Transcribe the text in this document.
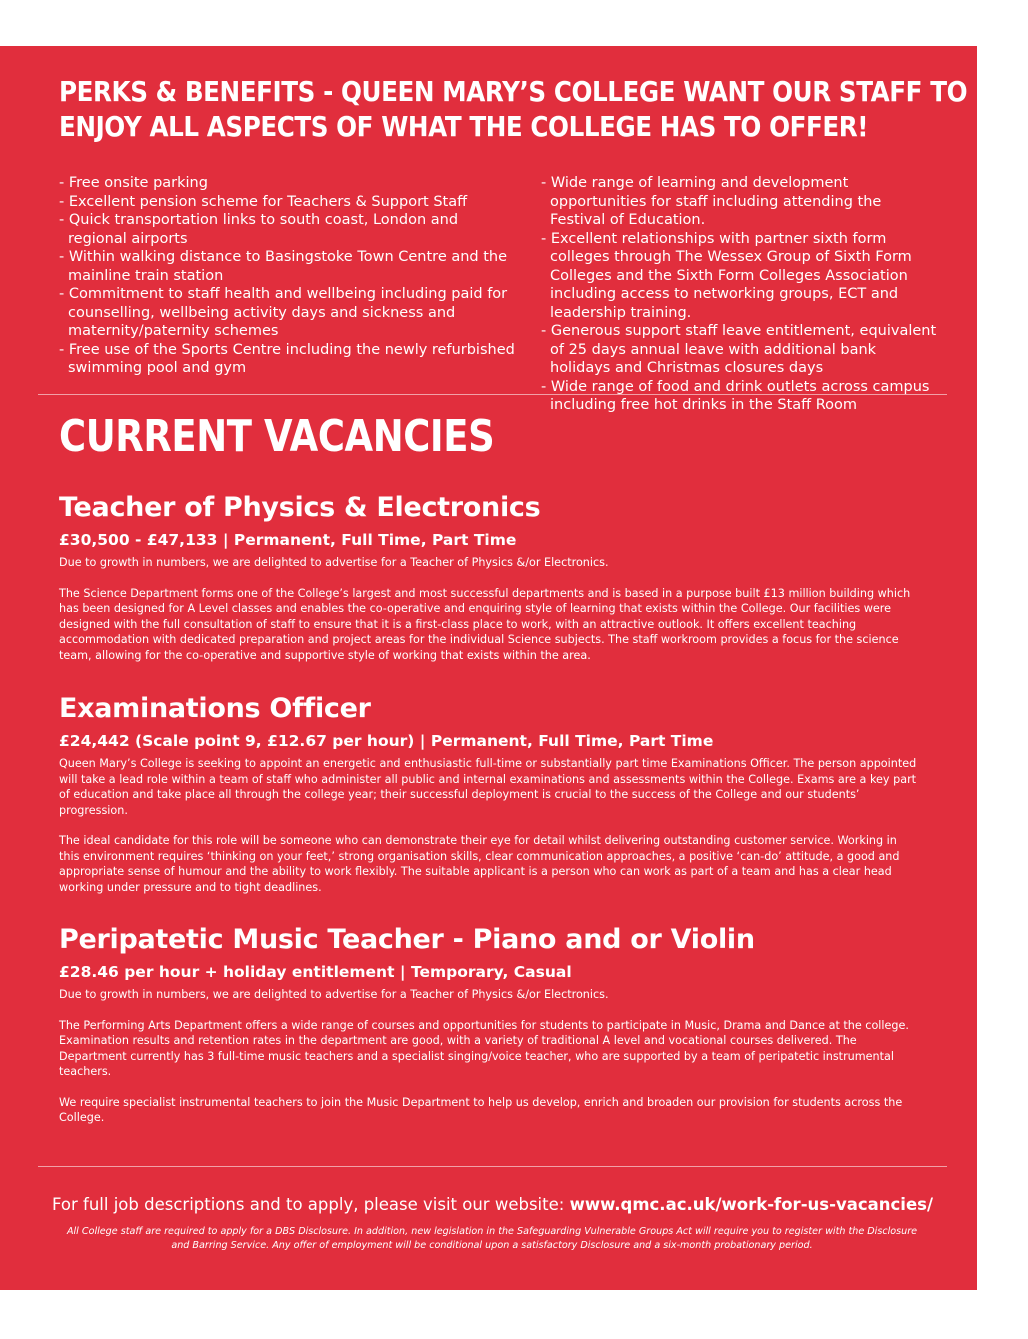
PERKS & BENEFITS - QUEEN MARY’S COLLEGE WANT OUR STAFF TO
ENJOY ALL ASPECTS OF WHAT THE COLLEGE HAS TO OFFER!
- Free onsite parking
- Excellent pension scheme for Teachers & Support Staff
- Quick transportation links to south coast, London and regional airports
- Within walking distance to Basingstoke Town Centre and the mainline train station
- Commitment to staff health and wellbeing including paid for counselling, wellbeing activity days and sickness and maternity/paternity schemes
- Free use of the Sports Centre including the newly refurbished swimming pool and gym
- Wide range of learning and development opportunities for staff including attending the Festival of Education.
- Excellent relationships with partner sixth form colleges through The Wessex Group of Sixth Form Colleges and the Sixth Form Colleges Association including access to networking groups, ECT and leadership training.
- Generous support staff leave entitlement, equivalent of 25 days annual leave with additional bank holidays and Christmas closures days
- Wide range of food and drink outlets across campus including free hot drinks in the Staff Room
CURRENT VACANCIES
Teacher of Physics & Electronics
£30,500 - £47,133 | Permanent, Full Time, Part Time

Due to growth in numbers, we are delighted to advertise for a Teacher of Physics &/or Electronics.

The Science Department forms one of the College’s largest and most successful departments and is based in a purpose built £13 million building which has been designed for A Level classes and enables the co-operative and enquiring style of learning that exists within the College. Our facilities were designed with the full consultation of staff to ensure that it is a first-class place to work, with an attractive outlook. It offers excellent teaching accommodation with dedicated preparation and project areas for the individual Science subjects. The staff workroom provides a focus for the science team, allowing for the co-operative and supportive style of working that exists within the area.

Examinations Officer
£24,442 (Scale point 9, £12.67 per hour) | Permanent, Full Time, Part Time

Queen Mary’s College is seeking to appoint an energetic and enthusiastic full-time or substantially part time Examinations Officer. The person appointed will take a lead role within a team of staff who administer all public and internal examinations and assessments within the College. Exams are a key part of education and take place all through the college year; their successful deployment is crucial to the success of the College and our students’ progression.

The ideal candidate for this role will be someone who can demonstrate their eye for detail whilst delivering outstanding customer service. Working in this environment requires ‘thinking on your feet,’ strong organisation skills, clear communication approaches, a positive ‘can-do’ attitude, a good and appropriate sense of humour and the ability to work flexibly. The suitable applicant is a person who can work as part of a team and has a clear head working under pressure and to tight deadlines.

Peripatetic Music Teacher - Piano and or Violin
£28.46 per hour + holiday entitlement | Temporary, Casual

Due to growth in numbers, we are delighted to advertise for a Teacher of Physics &/or Electronics.

The Performing Arts Department offers a wide range of courses and opportunities for students to participate in Music, Drama and Dance at the college. Examination results and retention rates in the department are good, with a variety of traditional A level and vocational courses delivered. The Department currently has 3 full-time music teachers and a specialist singing/voice teacher, who are supported by a team of peripatetic instrumental teachers.

We require specialist instrumental teachers to join the Music Department to help us develop, enrich and broaden our provision for students across the College.

For full job descriptions and to apply, please visit our website: www.qmc.ac.uk/work-for-us-vacancies/
All College staff are required to apply for a DBS Disclosure. In addition, new legislation in the Safeguarding Vulnerable Groups Act will require you to register with the Disclosure and Barring Service. Any offer of employment will be conditional upon a satisfactory Disclosure and a six-month probationary period.
